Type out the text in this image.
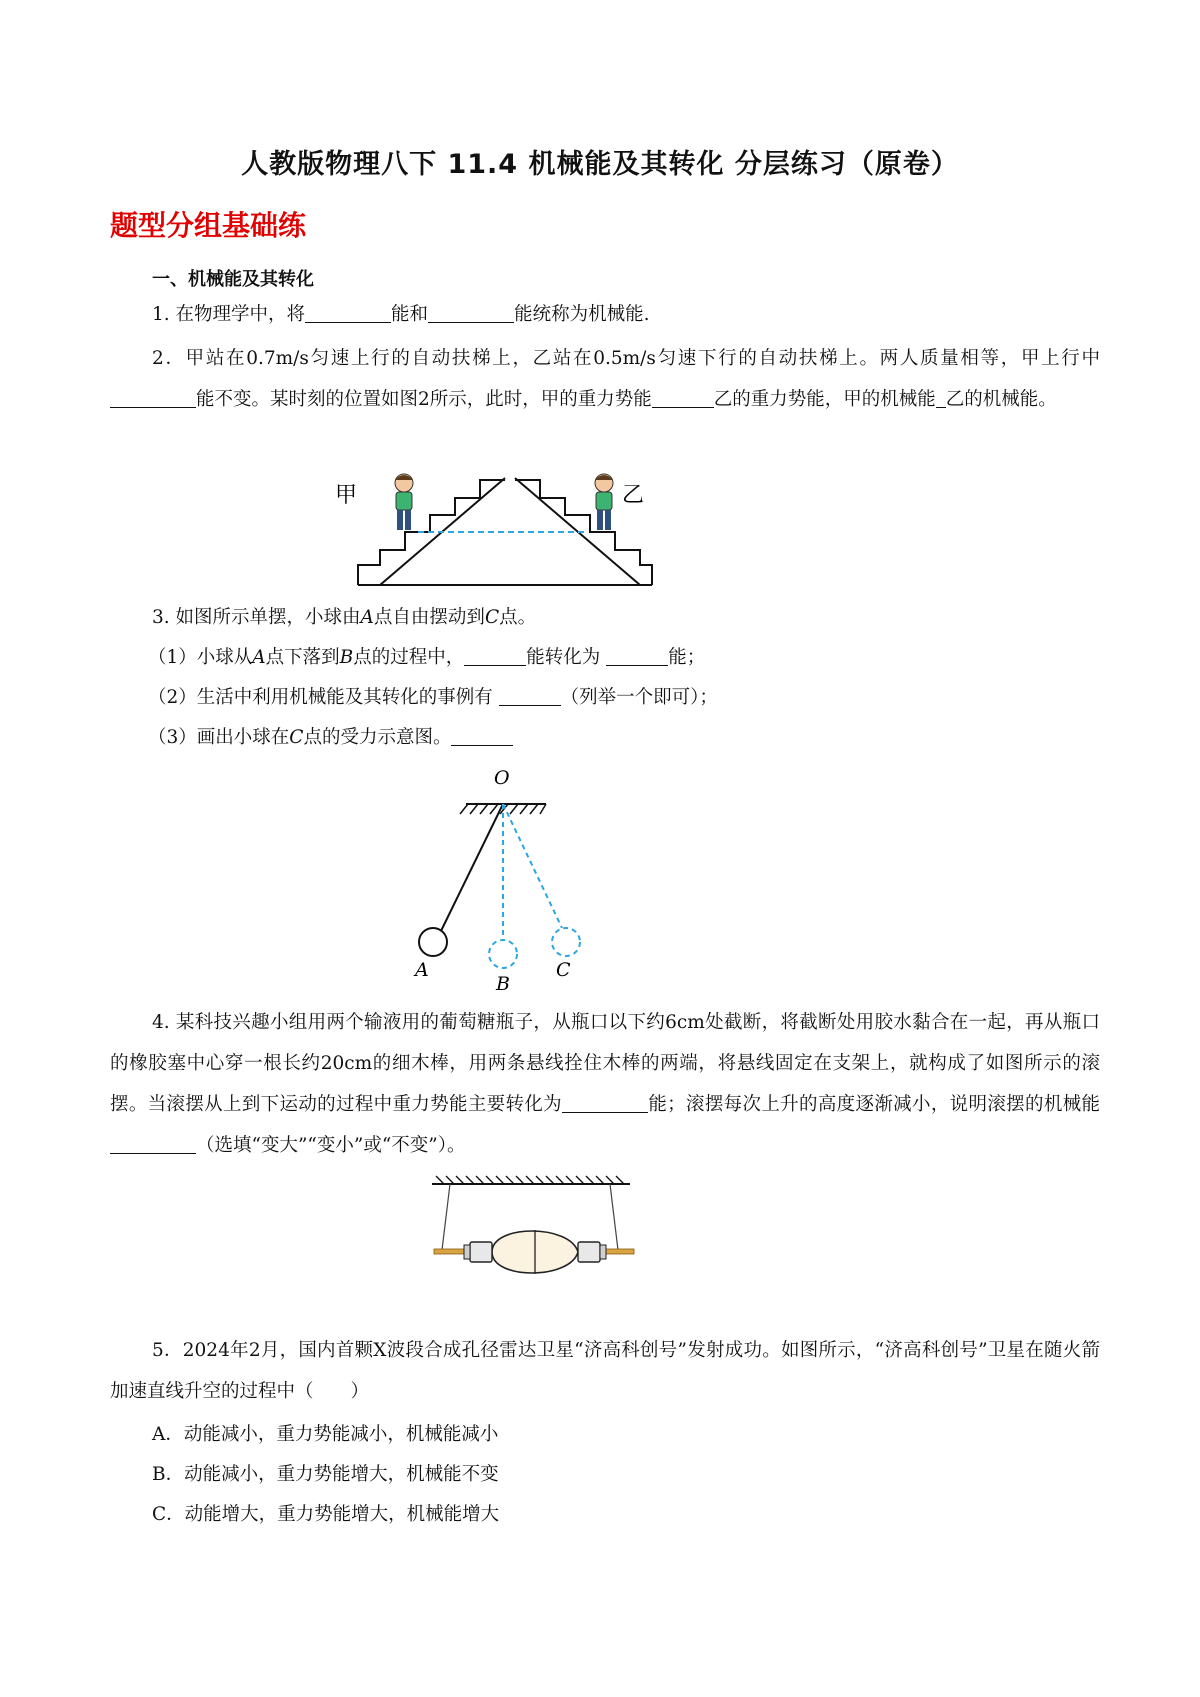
人教版物理八下 11.4 机械能及其转化 分层练习（原卷）
题型分组基础练
一、机械能及其转化
1. 在物理学中，将	能和	能统称为机械能.
2．甲站在0.7m/s匀速上行的自动扶梯上，乙站在0.5m/s匀速下行的自动扶梯上。两人质量相等，甲上行中能不变。某时刻的位置如图2所示，此时，甲的重力势能	乙的重力势能，甲的机械能 乙的机械能。
甲	乙
3. 如图所示单摆，小球由A点自由摆动到C点。
（1）小球从A点下落到B点的过程中，	能转化为	能；
（2）生活中利用机械能及其转化的事例有	（列举一个即可）；
（3）画出小球在C点的受力示意图。
O
A
B
C
4. 某科技兴趣小组用两个输液用的葡萄糖瓶子，从瓶口以下约6cm处截断，将截断处用胶水黏合在一起，再从瓶口的橡胶塞中心穿一根长约20cm的细木棒，用两条悬线拴住木棒的两端，将悬线固定在支架上，就构成了如图所示的滚摆。当滚摆从上到下运动的过程中重力势能主要转化为	能；滚摆每次上升的高度逐渐减小，说明滚摆的机械能（选填“变大”“变小”或“不变”）。
5．2024年2月，国内首颗X波段合成孔径雷达卫星“济高科创号”发射成功。如图所示，“济高科创号”卫星在随火箭加速直线升空的过程中（　　）
A．动能减小，重力势能减小，机械能减小
B．动能减小，重力势能增大，机械能不变
C．动能增大，重力势能增大，机械能增大
